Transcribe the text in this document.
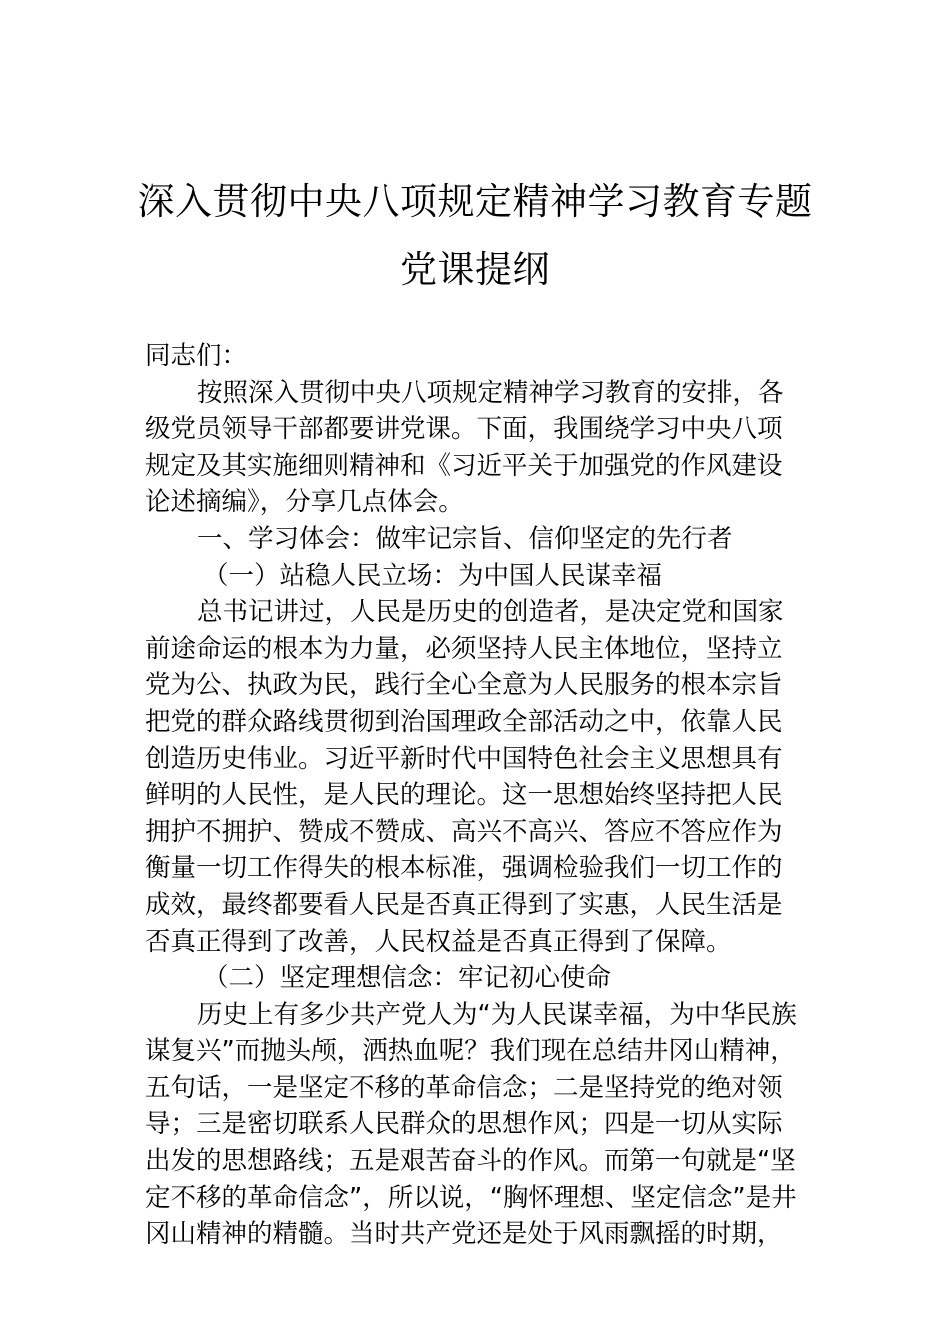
深入贯彻中央八项规定精神学习教育专题
党课提纲
同志们：
按照深入贯彻中央八项规定精神学习教育的安排，各
级党员领导干部都要讲党课。下面，我围绕学习中央八项
规定及其实施细则精神和《习近平关于加强党的作风建设
论述摘编》，分享几点体会。
一、学习体会：做牢记宗旨、信仰坚定的先行者
（一）站稳人民立场：为中国人民谋幸福
总书记讲过，人民是历史的创造者，是决定党和国家
前途命运的根本为力量，必须坚持人民主体地位，坚持立
党为公、执政为民，践行全心全意为人民服务的根本宗旨
把党的群众路线贯彻到治国理政全部活动之中，依靠人民
创造历史伟业。习近平新时代中国特色社会主义思想具有
鲜明的人民性，是人民的理论。这一思想始终坚持把人民
拥护不拥护、赞成不赞成、高兴不高兴、答应不答应作为
衡量一切工作得失的根本标准，强调检验我们一切工作的
成效，最终都要看人民是否真正得到了实惠，人民生活是
否真正得到了改善，人民权益是否真正得到了保障。
（二）坚定理想信念：牢记初心使命
历史上有多少共产党人为“为人民谋幸福，为中华民族
谋复兴”而抛头颅，洒热血呢？我们现在总结井冈山精神，
五句话，一是坚定不移的革命信念；二是坚持党的绝对领
导；三是密切联系人民群众的思想作风；四是一切从实际
出发的思想路线；五是艰苦奋斗的作风。而第一句就是“坚
定不移的革命信念”，所以说，“胸怀理想、坚定信念”是井
冈山精神的精髓。当时共产党还是处于风雨飘摇的时期，
